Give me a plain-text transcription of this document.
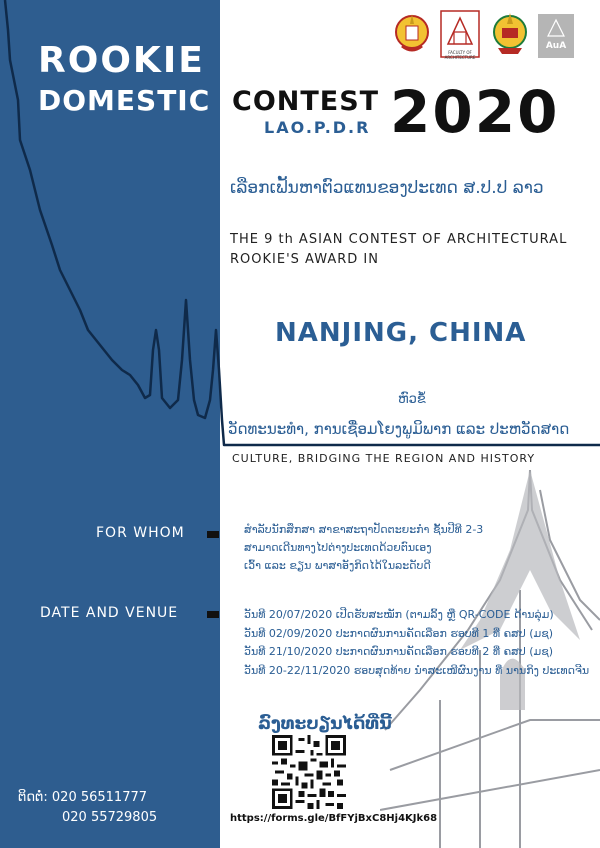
FACULTY OF ARCHITECTURE
AuA
ROOKIE
DOMESTIC CONTEST
LAO.P.D.R 2020
ເລືອກເຟັ້ນຫາຕົວແທນຂອງປະເທດ ສ.ປ.ປ ລາວ
THE 9 th ASIAN CONTEST OF ARCHITECTURAL
ROOKIE'S AWARD IN
NANJING, CHINA
ຫົວຂໍ້
ວັດທະນະທຳ, ການເຊື່ອມໂຍງພູມິພາກ ແລະ ປະຫວັດສາດ
CULTURE, BRIDGING THE REGION AND HISTORY
FOR WHOM	ສຳລັບນັກສຶກສາ ສາຂາສະຖາປັດຕະຍະກຳ ຊັ້ນປີທີ 2-3
ສາມາດເດີນທາງໄປຕ່າງປະເທດດ້ວຍຕົນເອງ
ເວົ້າ ແລະ ຂຽນ ພາສາອັງກິດໄດ້ໃນລະດັບດີ
DATE AND VENUE	ວັນທີ 20/07/2020 ເປີດຮັບສະໝັກ (ຕາມລິ້ງ ຫຼື QR-CODE ດ້ານລຸ່ມ)
ວັນທີ 02/09/2020 ປະກາດຜົນການຄັດເລືອກ ຮອບທີ 1 ທີ່ ຄສປ (ມຊ)
ວັນທີ 21/10/2020 ປະກາດຜົນການຄັດເລືອກ ຮອບທີ 2 ທີ່ ຄສປ (ມຊ)
ວັນທີ 20-22/11/2020 ຮອບສຸດທ້າຍ ນຳສະເໜີຜົນງານ ທີ່ ນານກິງ ປະເທດຈີນ
ລົງທະບຽນໄດ້ທີ່ນີ້
https://forms.gle/BfFYjBxC8Hj4KJk68
ຕິດຕໍ່: 020 56511777
020 55729805
